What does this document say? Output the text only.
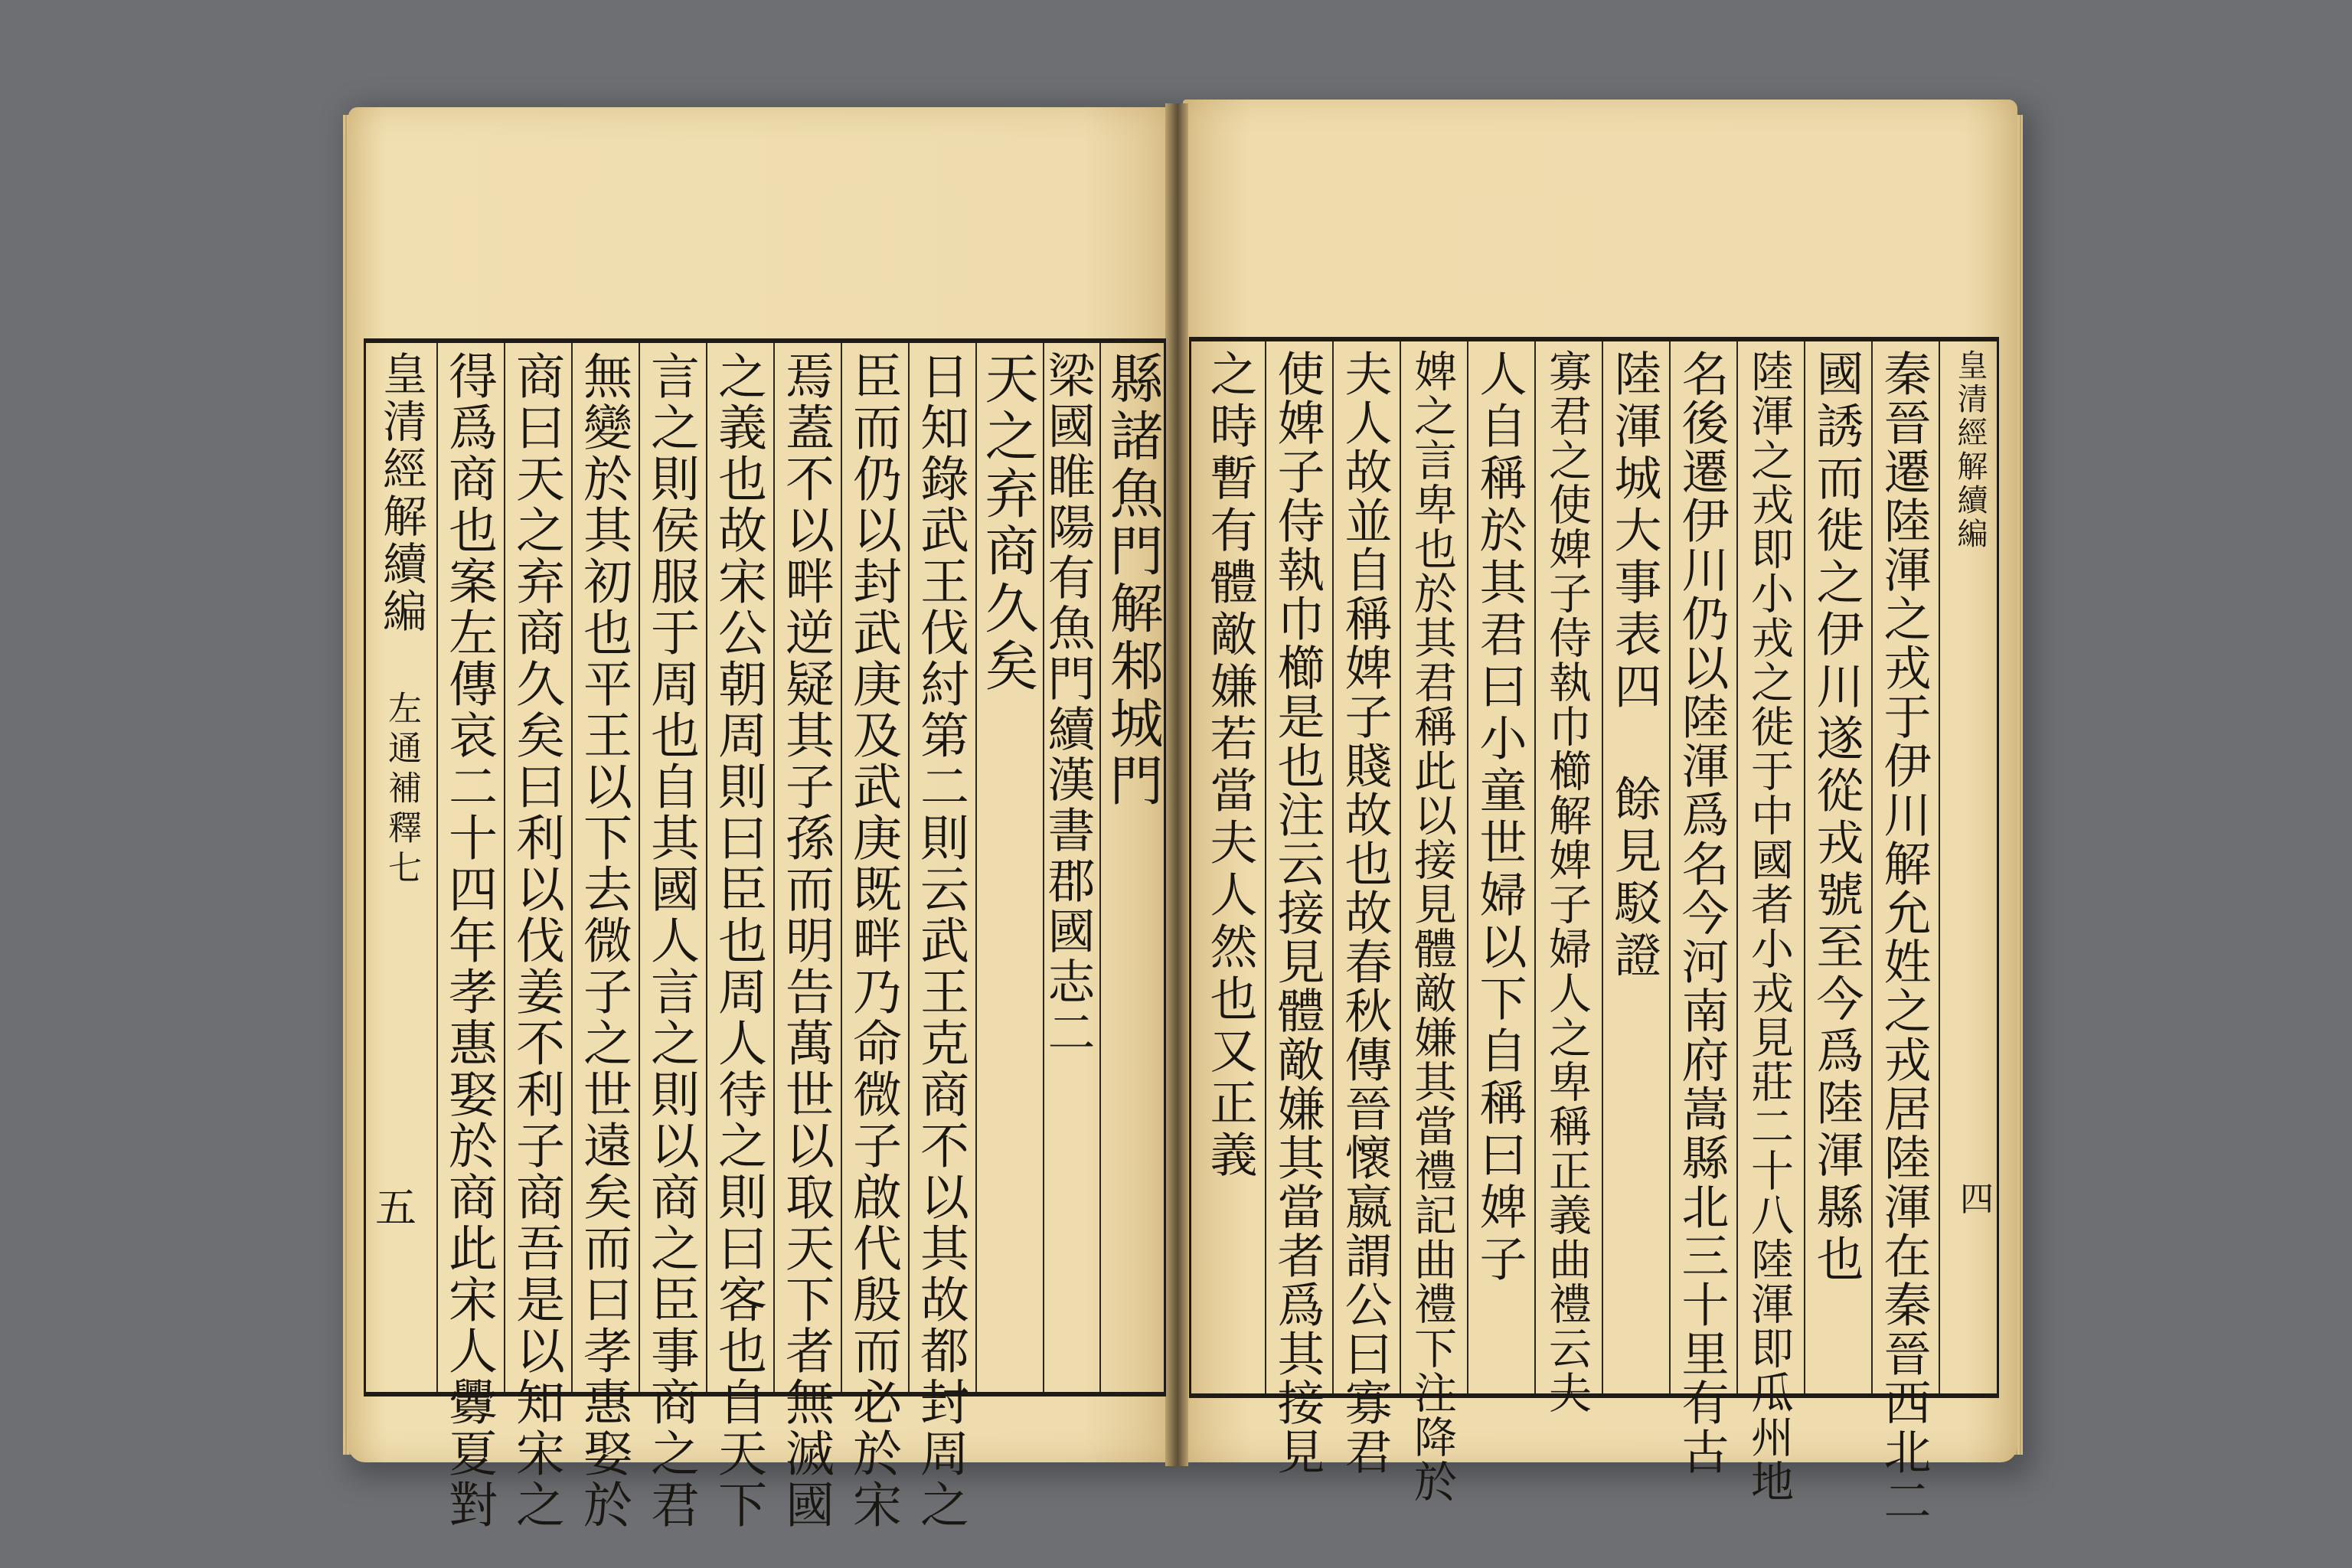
縣諸魚門解邾城門
梁國睢陽有魚門續漢書郡國志二
天之弃商久矣
日知錄武王伐紂第二則云武王克商不以其故都封周之
臣而仍以封武庚及武庚既畔乃命微子啟代殷而必於宋
焉蓋不以畔逆疑其子孫而明告萬世以取天下者無滅國
之義也故宋公朝周則曰臣也周人待之則曰客也自天下
言之則侯服于周也自其國人言之則以商之臣事商之君
無變於其初也平王以下去微子之世遠矣而曰孝惠娶於
商曰天之弃商久矣曰利以伐姜不利子商吾是以知宋之
得爲商也案左傳哀二十四年孝惠娶於商此宋人釁夏對
皇清經解續編 左通補釋七
五	秦晉遷陸渾之戎于伊川解允姓之戎居陸渾在秦晉西北二
國誘而徙之伊川遂從戎號至今爲陸渾縣也
陸渾之戎即小戎之徙于中國者小戎見莊二十八陸渾即瓜州地
名後遷伊川仍以陸渾爲名今河南府嵩縣北三十里有古
陸渾城大事表四 餘見駁證
寡君之使婢子侍執巾櫛解婢子婦人之卑稱正義曲禮云夫
人自稱於其君曰小童世婦以下自稱曰婢子
婢之言卑也於其君稱此以接見體敵嫌其當禮記曲禮下注降於
夫人故並自稱婢子賤故也故春秋傳晉懷嬴謂公曰寡君
使婢子侍執巾櫛是也注云接見體敵嫌其當者爲其接見
之時暫有體敵嫌若當夫人然也又正義	皇清經解續編
四
